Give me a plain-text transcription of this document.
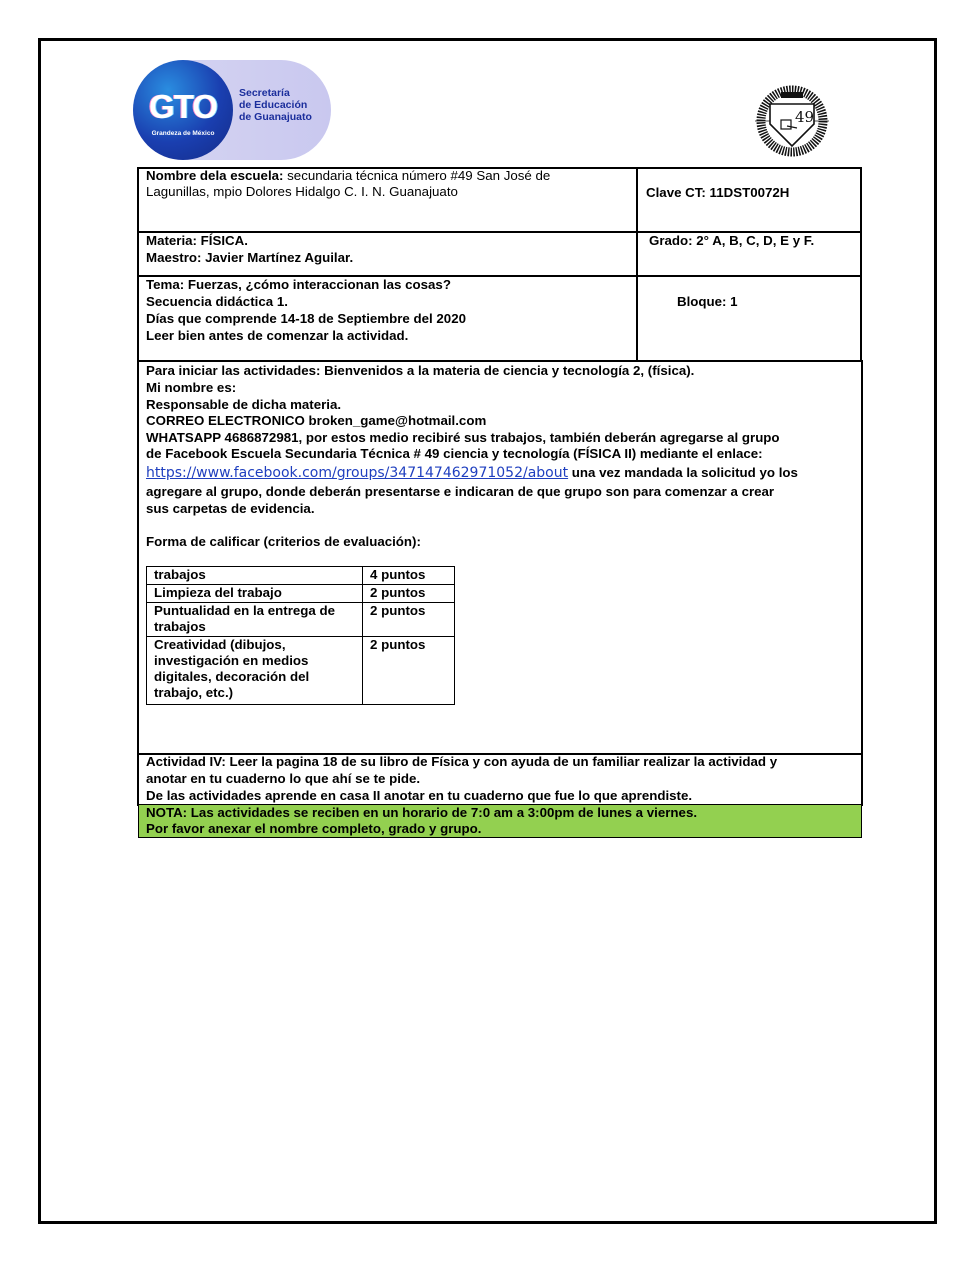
GTO
Grandeza de México
Secretaría
de Educación
de Guanajuato	49
Nombre dela escuela: secundaria técnica número #49 San José de
Lagunillas, mpio Dolores Hidalgo C. I. N. Guanajuato	Clave CT: 11DST0072H
Materia: FÍSICA.
Maestro: Javier Martínez Aguilar.
Grado: 2° A, B, C, D, E y F.
Tema: Fuerzas, ¿cómo interaccionan las cosas?
Secuencia didáctica 1.
Días que comprende 14-18 de Septiembre del 2020
Leer bien antes de comenzar la actividad.
Bloque: 1
Para iniciar las actividades: Bienvenidos a la materia de ciencia y tecnología 2, (física).
Mi nombre es:
Responsable de dicha materia.
CORREO ELECTRONICO broken_game@hotmail.com
WHATSAPP 4686872981, por estos medio recibiré sus trabajos, también deberán agregarse al grupo
de Facebook Escuela Secundaria Técnica # 49 ciencia y tecnología (FÍSICA II) mediante el enlace:
https://www.facebook.com/groups/347147462971052/about una vez mandada la solicitud yo los
agregare al grupo, donde deberán presentarse e indicaran de que grupo son para comenzar a crear
sus carpetas de evidencia.
Forma de calificar (criterios de evaluación):
trabajos	4 puntos

Limpieza del trabajo	2 puntos

Puntualidad en la entrega de
trabajos	2 puntos

Creatividad (dibujos,
investigación en medios
digitales, decoración del
trabajo, etc.)	2 puntos
Actividad IV: Leer la pagina 18 de su libro de Física y con ayuda de un familiar realizar la actividad y
anotar en tu cuaderno lo que ahí se te pide.
De las actividades aprende en casa II anotar en tu cuaderno que fue lo que aprendiste.
NOTA: Las actividades se reciben en un horario de 7:0 am a 3:00pm de lunes a viernes.
Por favor anexar el nombre completo, grado y grupo.
